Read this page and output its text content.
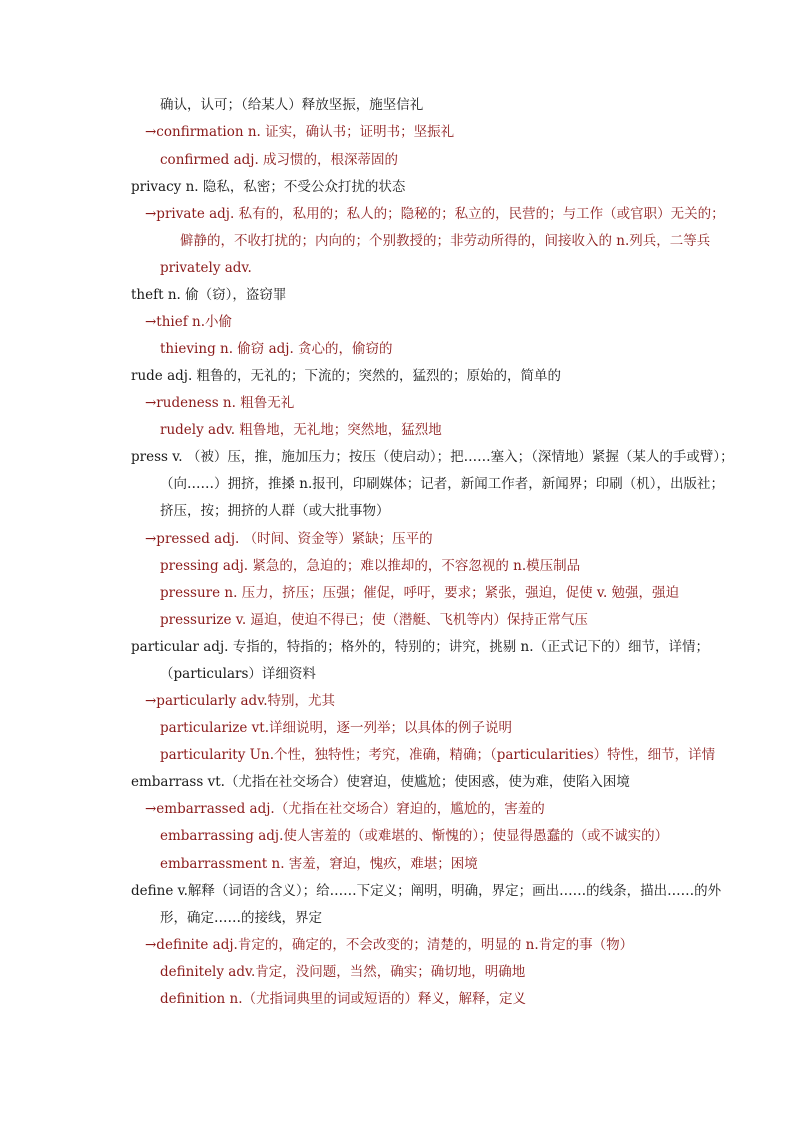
确认，认可；（给某人）释放坚振，施坚信礼
→confirmation n. 证实，确认书；证明书；坚振礼
confirmed adj. 成习惯的，根深蒂固的
privacy n. 隐私，私密；不受公众打扰的状态
→private adj. 私有的，私用的；私人的；隐秘的；私立的，民营的；与工作（或官职）无关的；
僻静的，不收打扰的；内向的；个别教授的；非劳动所得的，间接收入的 n.列兵，二等兵
privately adv.
theft n. 偷（窃），盗窃罪
→thief n.小偷
thieving n. 偷窃 adj. 贪心的，偷窃的
rude adj. 粗鲁的，无礼的；下流的；突然的，猛烈的；原始的，简单的
→rudeness n. 粗鲁无礼
rudely adv. 粗鲁地，无礼地；突然地，猛烈地
press v. （被）压，推，施加压力；按压（使启动）；把……塞入；（深情地）紧握（某人的手或臂）；
（向……）拥挤，推搡 n.报刊，印刷媒体；记者，新闻工作者，新闻界；印刷（机），出版社；
挤压，按；拥挤的人群（或大批事物）
→pressed adj. （时间、资金等）紧缺；压平的
pressing adj. 紧急的，急迫的；难以推却的，不容忽视的 n.模压制品
pressure n. 压力，挤压；压强；催促，呼吁，要求；紧张，强迫，促使 v. 勉强，强迫
pressurize v. 逼迫，使迫不得已；使（潜艇、飞机等内）保持正常气压
particular adj. 专指的，特指的；格外的，特别的；讲究，挑剔 n.（正式记下的）细节，详情；
（particulars）详细资料
→particularly adv.特别，尤其
particularize vt.详细说明，逐一列举；以具体的例子说明
particularity Un.个性，独特性；考究，准确，精确；（particularities）特性，细节，详情
embarrass vt.（尤指在社交场合）使窘迫，使尴尬；使困惑，使为难，使陷入困境
→embarrassed adj.（尤指在社交场合）窘迫的，尴尬的，害羞的
embarrassing adj.使人害羞的（或难堪的、惭愧的）；使显得愚蠢的（或不诚实的）
embarrassment n. 害羞，窘迫，愧疚，难堪；困境
define v.解释（词语的含义）；给……下定义；阐明，明确，界定；画出……的线条，描出……的外
形，确定……的接线，界定
→definite adj.肯定的，确定的，不会改变的；清楚的，明显的 n.肯定的事（物）
definitely adv.肯定，没问题，当然，确实；确切地，明确地
definition n.（尤指词典里的词或短语的）释义，解释，定义
